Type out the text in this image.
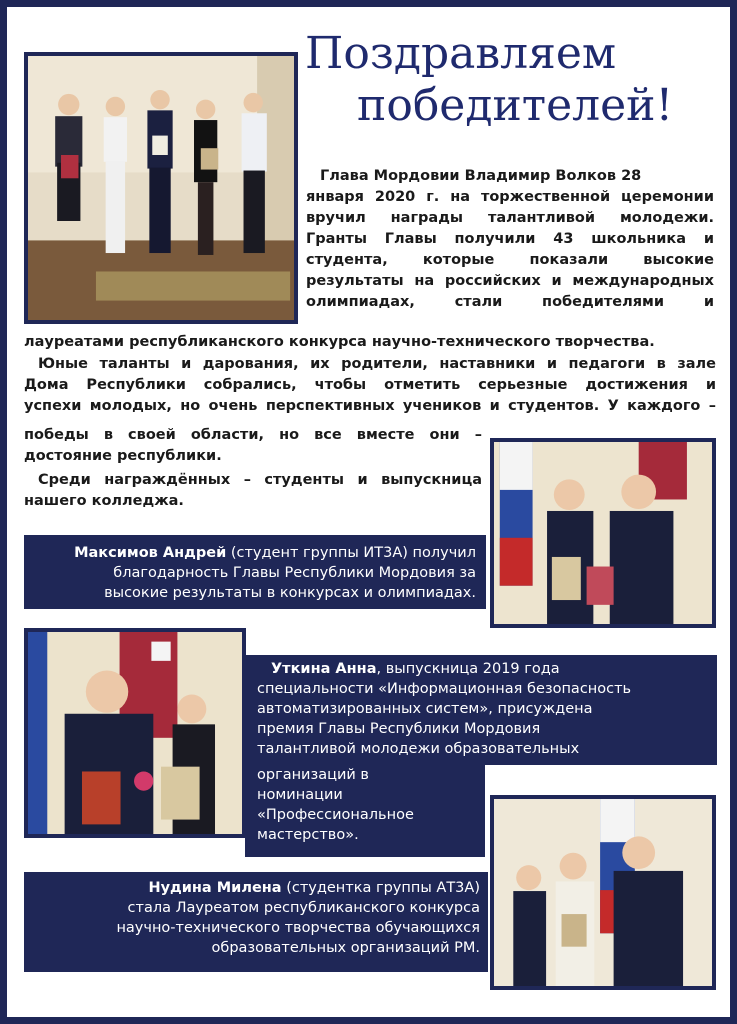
Поздравляем
победителей!
Глава Мордовии Владимир Волков 28
января 2020 г. на торжественной церемонии
вручил награды талантливой молодежи.
Гранты Главы получили 43 школьника и
студента, которые показали высокие
результаты на российских и международных
олимпиадах, стали победителями и
лауреатами республиканского конкурса научно-технического творчества.
Юные таланты и дарования, их родители, наставники и педагоги в зале
Дома Республики собрались, чтобы отметить серьезные достижения и
успехи молодых, но очень перспективных учеников и студентов. У каждого –
победы в своей области, но все вместе они –
достояние республики.
Среди награждённых – студенты и выпускница
нашего колледжа.
Максимов Андрей (студент группы ИТ3А) получил
благодарность Главы Республики Мордовия за
высокие результаты в конкурсах и олимпиадах.
Уткина Анна, выпускница 2019 года
специальности «Информационная безопасность
автоматизированных систем», присуждена
премия Главы Республики Мордовия
талантливой молодежи образовательных
организаций в
номинации
«Профессиональное
мастерство».
Нудина Милена (студентка группы АТ3А)
стала Лауреатом республиканского конкурса
научно-технического творчества обучающихся
образовательных организаций РМ.
